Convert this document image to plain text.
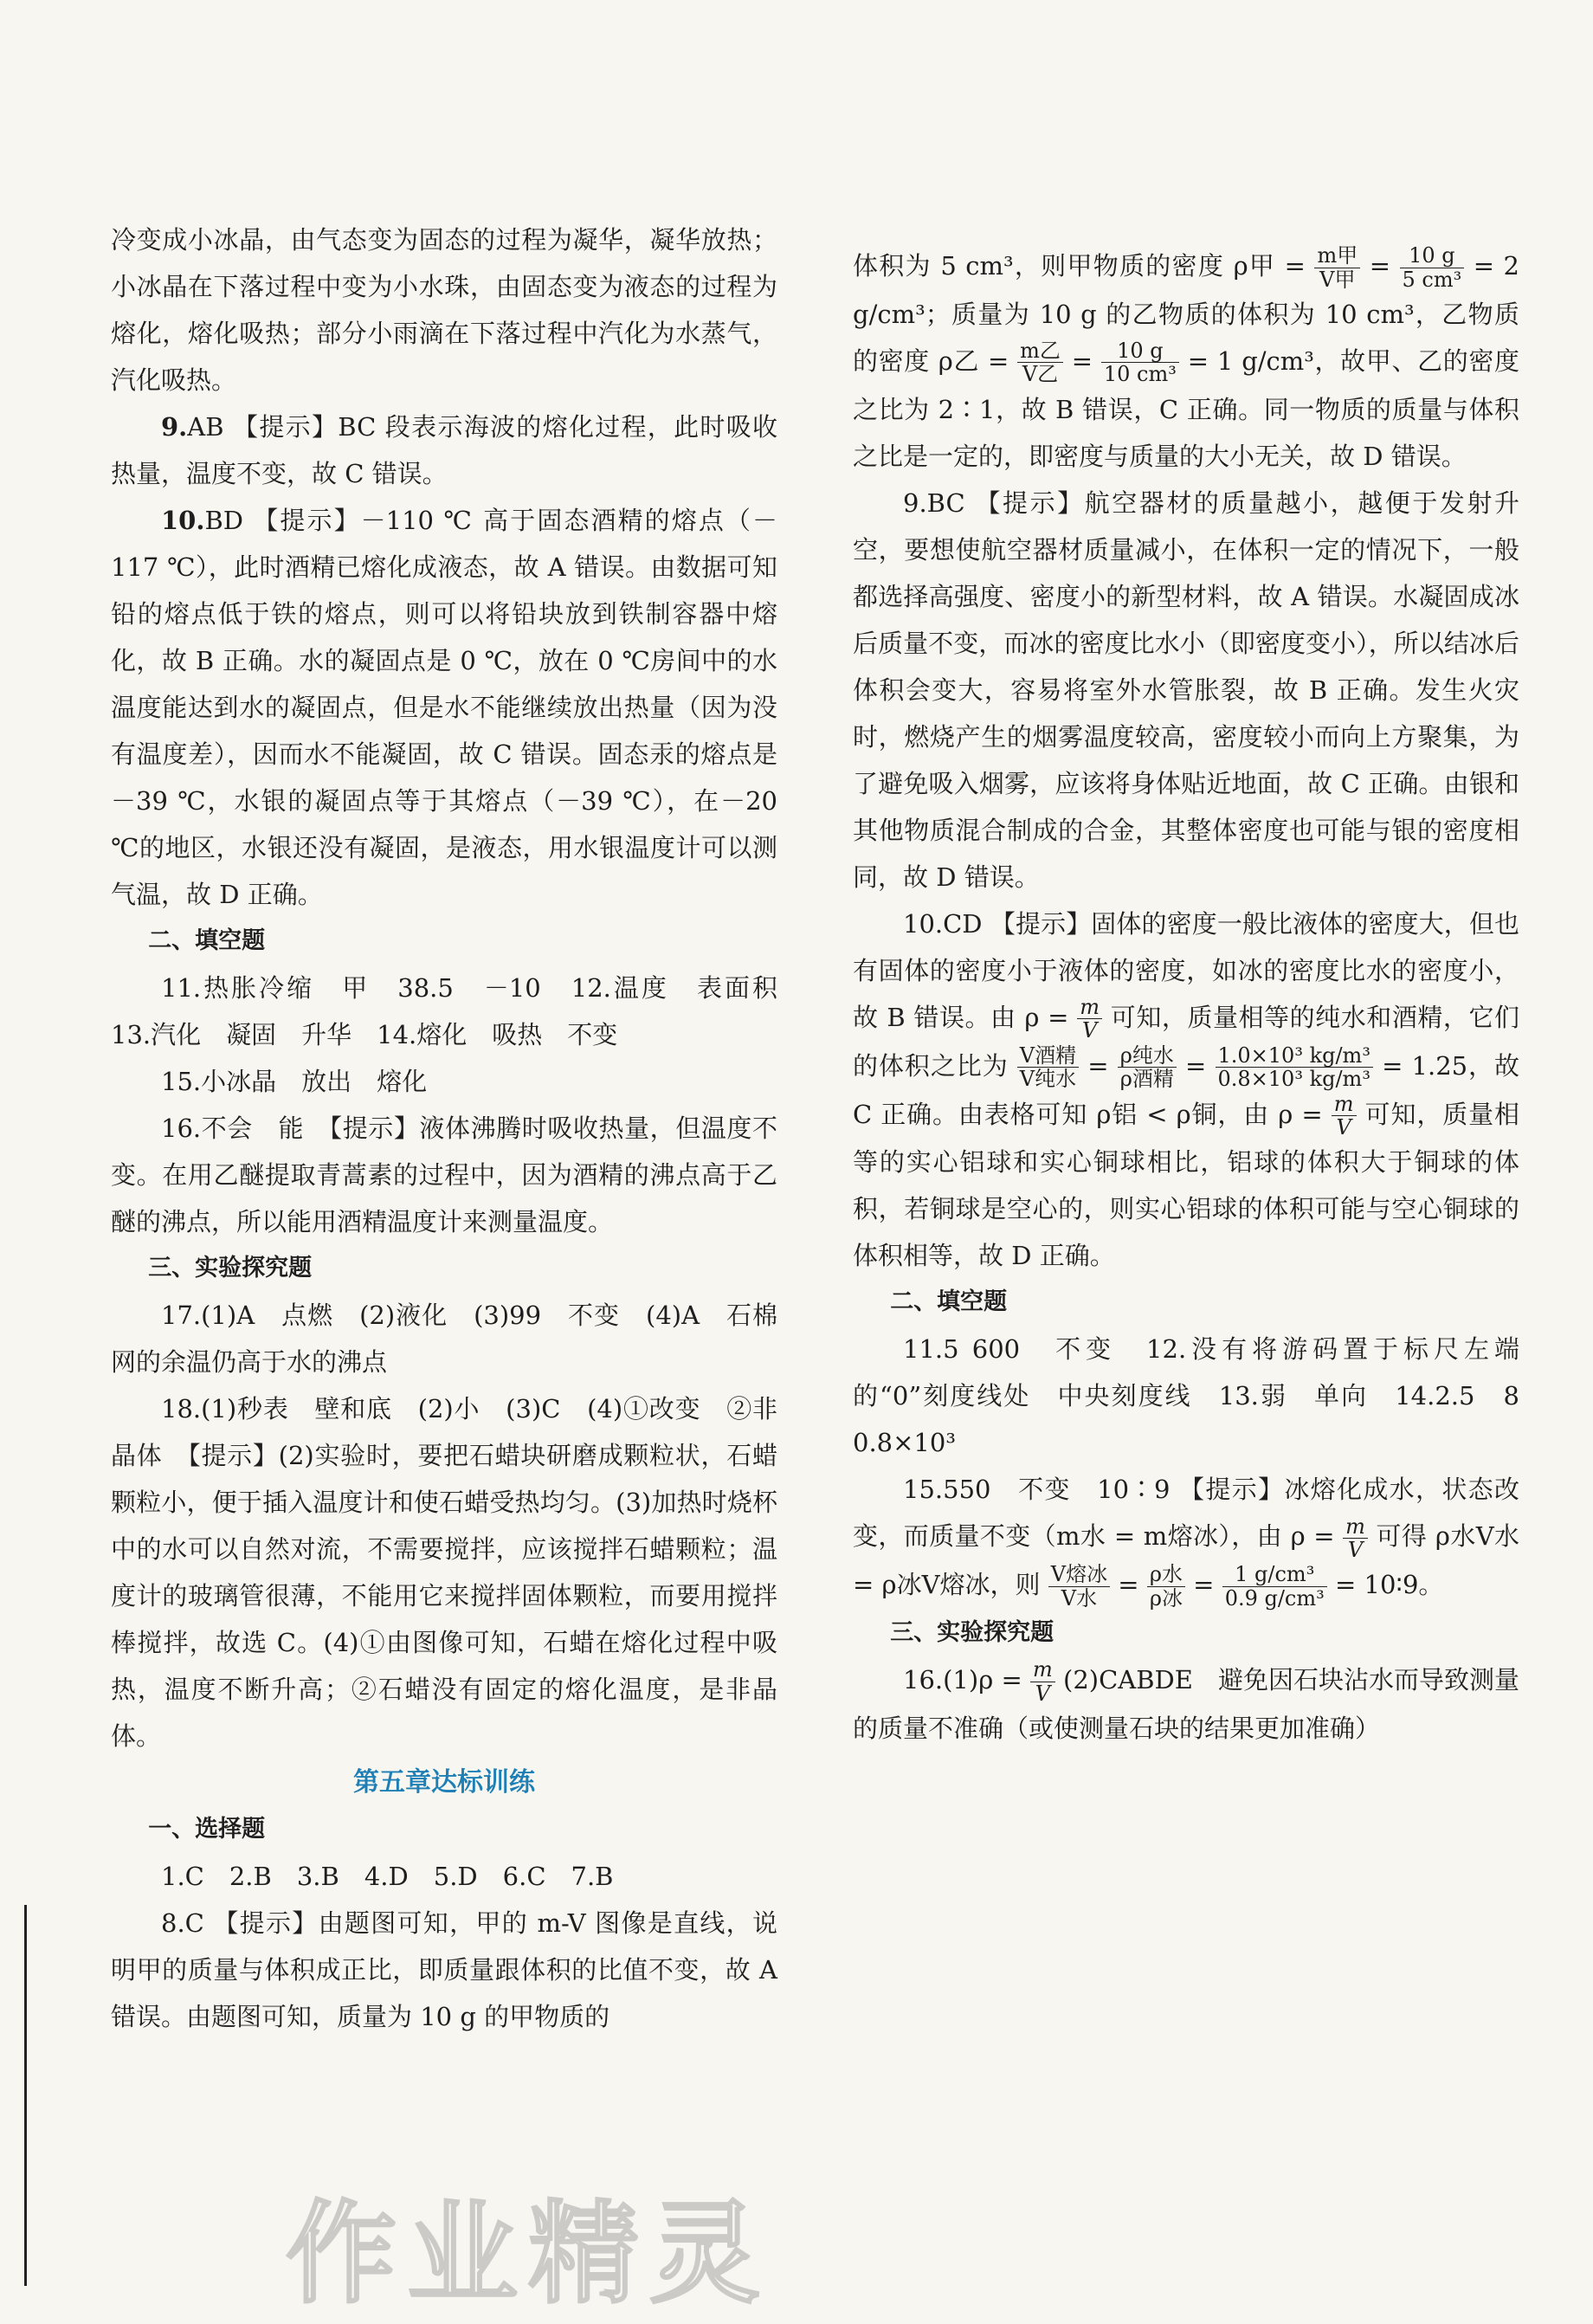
冷变成小冰晶，由气态变为固态的过程为凝华，凝华放热；小冰晶在下落过程中变为小水珠，由固态变为液态的过程为熔化，熔化吸热；部分小雨滴在下落过程中汽化为水蒸气，汽化吸热。

9.AB 【提示】BC 段表示海波的熔化过程，此时吸收热量，温度不变，故 C 错误。

10.BD 【提示】－110 ℃ 高于固态酒精的熔点（－117 ℃），此时酒精已熔化成液态，故 A 错误。由数据可知铅的熔点低于铁的熔点，则可以将铅块放到铁制容器中熔化，故 B 正确。水的凝固点是 0 ℃，放在 0 ℃房间中的水温度能达到水的凝固点，但是水不能继续放出热量（因为没有温度差），因而水不能凝固，故 C 错误。固态汞的熔点是－39 ℃，水银的凝固点等于其熔点（－39 ℃），在－20 ℃的地区，水银还没有凝固，是液态，用水银温度计可以测气温，故 D 正确。

二、填空题

11.热胀冷缩　甲　38.5　－10　12.温度　表面积　13.汽化　凝固　升华　14.熔化　吸热　不变

15.小冰晶　放出　熔化

16.不会　能　【提示】液体沸腾时吸收热量，但温度不变。在用乙醚提取青蒿素的过程中，因为酒精的沸点高于乙醚的沸点，所以能用酒精温度计来测量温度。

三、实验探究题

17.(1)A　点燃　(2)液化　(3)99　不变　(4)A　石棉网的余温仍高于水的沸点

18.(1)秒表　壁和底　(2)小　(3)C　(4)①改变　②非晶体　【提示】(2)实验时，要把石蜡块研磨成颗粒状，石蜡颗粒小，便于插入温度计和使石蜡受热均匀。(3)加热时烧杯中的水可以自然对流，不需要搅拌，应该搅拌石蜡颗粒；温度计的玻璃管很薄，不能用它来搅拌固体颗粒，而要用搅拌棒搅拌，故选 C。(4)①由图像可知，石蜡在熔化过程中吸热，温度不断升高；②石蜡没有固定的熔化温度，是非晶体。

第五章达标训练

一、选择题

1.C　2.B　3.B　4.D　5.D　6.C　7.B

8.C 【提示】由题图可知，甲的 m-V 图像是直线，说明甲的质量与体积成正比，即质量跟体积的比值不变，故 A 错误。由题图可知，质量为 10 g 的甲物质的

体积为 5 cm³，则甲物质的密度 ρ甲 = $\frac{\text{m甲}}{\text{V甲}} = \frac{10 g}{\text{5 cm³}} = 2$ g/cm³；质量为 10 g 的乙物质的体积为 10 cm³，乙物质的密度 ρ乙 = $\frac{\text{m乙}}{\text{V乙}} = \frac{10 g}{\text{10 cm³}} = 1$ g/cm³，故甲、乙的密度之比为 2∶1，故 B 错误，C 正确。同一物质的质量与体积之比是一定的，即密度与质量的大小无关，故 D 错误。

9.BC 【提示】航空器材的质量越小，越便于发射升空，要想使航空器材质量减小，在体积一定的情况下，一般都选择高强度、密度小的新型材料，故 A 错误。水凝固成冰后质量不变，而冰的密度比水小（即密度变小），所以结冰后体积会变大，容易将室外水管胀裂，故 B 正确。发生火灾时，燃烧产生的烟雾温度较高，密度较小而向上方聚集，为了避免吸入烟雾，应该将身体贴近地面，故 C 正确。由银和其他物质混合制成的合金，其整体密度也可能与银的密度相同，故 D 错误。

10.CD 【提示】固体的密度一般比液体的密度大，但也有固体的密度小于液体的密度，如冰的密度比水的密度小，故 B 错误。由 $\rho = \frac{m}{V}$ 可知，质量相等的纯水和酒精，它们的体积之比为 $\frac{\text{V酒精}}{\text{V纯水}} = \frac{\text{ρ纯水}}{\text{ρ酒精}} = \frac{\text{1.0×10³ kg/m³}}{\text{0.8×10³ kg/m³}} = 1.25$，故 C 正确。由表格可知 ρ铝 < ρ铜，由 $\rho = \frac{m}{V}$ 可知，质量相等的实心铝球和实心铜球相比，铝球的体积大于铜球的体积，若铜球是空心的，则实心铝球的体积可能与空心铜球的体积相等，故 D 正确。

二、填空题

11.5 600　不变　12.没有将游码置于标尺左端的“0”刻度线处　中央刻度线　13.弱　单向　14.2.5　8　0.8×10³

15.550　不变　10∶9 【提示】冰熔化成水，状态改变，而质量不变（m水 = m熔冰），由 $\rho = \frac{m}{V}$ 可得 ρ水V水 = ρ冰V熔冰，则 $\frac{\text{V熔冰}}{\text{V水}} = \frac{\text{ρ水}}{\text{ρ冰}} = \frac{\text{1 g/cm³}}{\text{0.9 g/cm³}}$ = 10∶9。

三、实验探究题

$16.(1)\rho = \frac{m}{V}$ (2)CABDE　避免因石块沾水而导致测量的质量不准确（或使测量石块的结果更加准确）

作业精灵
